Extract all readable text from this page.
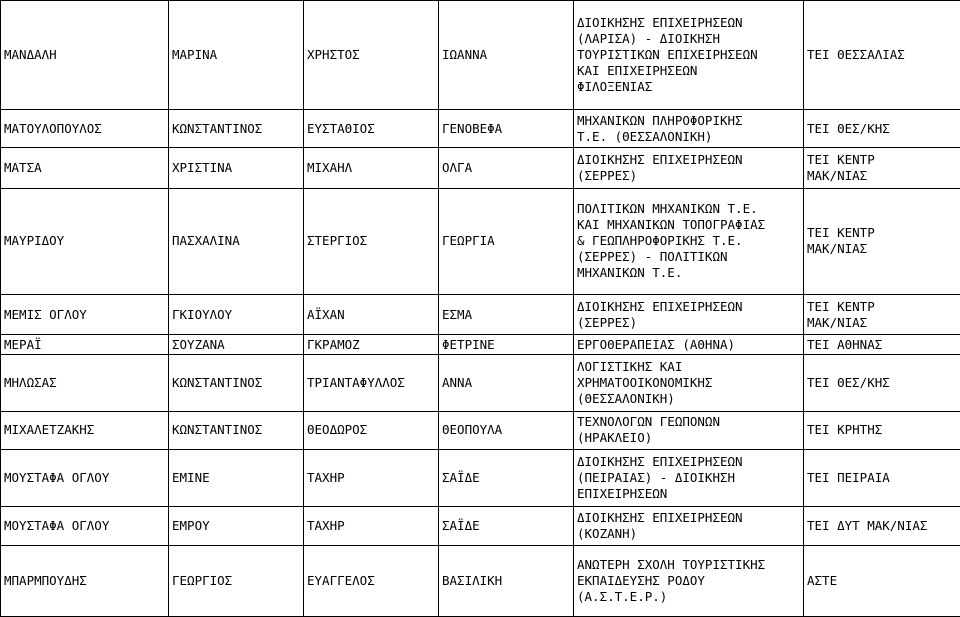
ΜΑΝΔΑΛΗ	ΜΑΡΙΝΑ	ΧΡΗΣΤΟΣ	ΙΩΑΝΝΑ	ΔΙΟΙΚΗΣΗΣ ΕΠΙΧΕΙΡΗΣΕΩΝ
(ΛΑΡΙΣΑ) - ΔΙΟΙΚΗΣΗ
ΤΟΥΡΙΣΤΙΚΩΝ ΕΠΙΧΕΙΡΗΣΕΩΝ
ΚΑΙ ΕΠΙΧΕΙΡΗΣΕΩΝ
ΦΙΛΟΞΕΝΙΑΣ	ΤΕΙ ΘΕΣΣΑΛΙΑΣ
ΜΑΤΟΥΛΟΠΟΥΛΟΣ	ΚΩΝΣΤΑΝΤΙΝΟΣ	ΕΥΣΤΑΘΙΟΣ	ΓΕΝΟΒΕΦΑ	ΜΗΧΑΝΙΚΩΝ ΠΛΗΡΟΦΟΡΙΚΗΣ
Τ.Ε. (ΘΕΣΣΑΛΟΝΙΚΗ)	ΤΕΙ ΘΕΣ/ΚΗΣ
ΜΑΤΣΑ	ΧΡΙΣΤΙΝΑ	ΜΙΧΑΗΛ	ΟΛΓΑ	ΔΙΟΙΚΗΣΗΣ ΕΠΙΧΕΙΡΗΣΕΩΝ
(ΣΕΡΡΕΣ)	ΤΕΙ ΚΕΝΤΡ
ΜΑΚ/ΝΙΑΣ
ΜΑΥΡΙΔΟΥ	ΠΑΣΧΑΛΙΝΑ	ΣΤΕΡΓΙΟΣ	ΓΕΩΡΓΙΑ	ΠΟΛΙΤΙΚΩΝ ΜΗΧΑΝΙΚΩΝ Τ.Ε.
ΚΑΙ ΜΗΧΑΝΙΚΩΝ ΤΟΠΟΓΡΑΦΙΑΣ
& ΓΕΩΠΛΗΡΟΦΟΡΙΚΗΣ Τ.Ε.
(ΣΕΡΡΕΣ) - ΠΟΛΙΤΙΚΩΝ
ΜΗΧΑΝΙΚΩΝ Τ.Ε.	ΤΕΙ ΚΕΝΤΡ
ΜΑΚ/ΝΙΑΣ
ΜΕΜΙΣ ΟΓΛΟΥ	ΓΚΙΟΥΛΟΥ	ΑΪΧΑΝ	ΕΣΜΑ	ΔΙΟΙΚΗΣΗΣ ΕΠΙΧΕΙΡΗΣΕΩΝ
(ΣΕΡΡΕΣ)	ΤΕΙ ΚΕΝΤΡ
ΜΑΚ/ΝΙΑΣ
ΜΕΡΑΪ	ΣΟΥΖΑΝΑ	ΓΚΡΑΜΟΖ	ΦΕΤΡΙΝΕ	ΕΡΓΟΘΕΡΑΠΕΙΑΣ (ΑΘΗΝΑ)	ΤΕΙ ΑΘΗΝΑΣ
ΜΗΛΩΣΑΣ	ΚΩΝΣΤΑΝΤΙΝΟΣ	ΤΡΙΑΝΤΑΦΥΛΛΟΣ	ΑΝΝΑ	ΛΟΓΙΣΤΙΚΗΣ ΚΑΙ
ΧΡΗΜΑΤΟΟΙΚΟΝΟΜΙΚΗΣ
(ΘΕΣΣΑΛΟΝΙΚΗ)	ΤΕΙ ΘΕΣ/ΚΗΣ
ΜΙΧΑΛΕΤΖΑΚΗΣ	ΚΩΝΣΤΑΝΤΙΝΟΣ	ΘΕΟΔΩΡΟΣ	ΘΕΟΠΟΥΛΑ	ΤΕΧΝΟΛΟΓΩΝ ΓΕΩΠΟΝΩΝ
(ΗΡΑΚΛΕΙΟ)	ΤΕΙ ΚΡΗΤΗΣ
ΜΟΥΣΤΑΦΑ ΟΓΛΟΥ	ΕΜΙΝΕ	ΤΑΧΗΡ	ΣΑΪΔΕ	ΔΙΟΙΚΗΣΗΣ ΕΠΙΧΕΙΡΗΣΕΩΝ
(ΠΕΙΡΑΙΑΣ) - ΔΙΟΙΚΗΣΗ
ΕΠΙΧΕΙΡΗΣΕΩΝ	ΤΕΙ ΠΕΙΡΑΙΑ
ΜΟΥΣΤΑΦΑ ΟΓΛΟΥ	ΕΜΡΟΥ	ΤΑΧΗΡ	ΣΑΪΔΕ	ΔΙΟΙΚΗΣΗΣ ΕΠΙΧΕΙΡΗΣΕΩΝ
(ΚΟΖΑΝΗ)	ΤΕΙ ΔΥΤ ΜΑΚ/ΝΙΑΣ
ΜΠΑΡΜΠΟΥΔΗΣ	ΓΕΩΡΓΙΟΣ	ΕΥΑΓΓΕΛΟΣ	ΒΑΣΙΛΙΚΗ	ΑΝΩΤΕΡΗ ΣΧΟΛΗ ΤΟΥΡΙΣΤΙΚΗΣ
ΕΚΠΑΙΔΕΥΣΗΣ ΡΟΔΟΥ
(Α.Σ.Τ.Ε.Ρ.)	ΑΣΤΕ
